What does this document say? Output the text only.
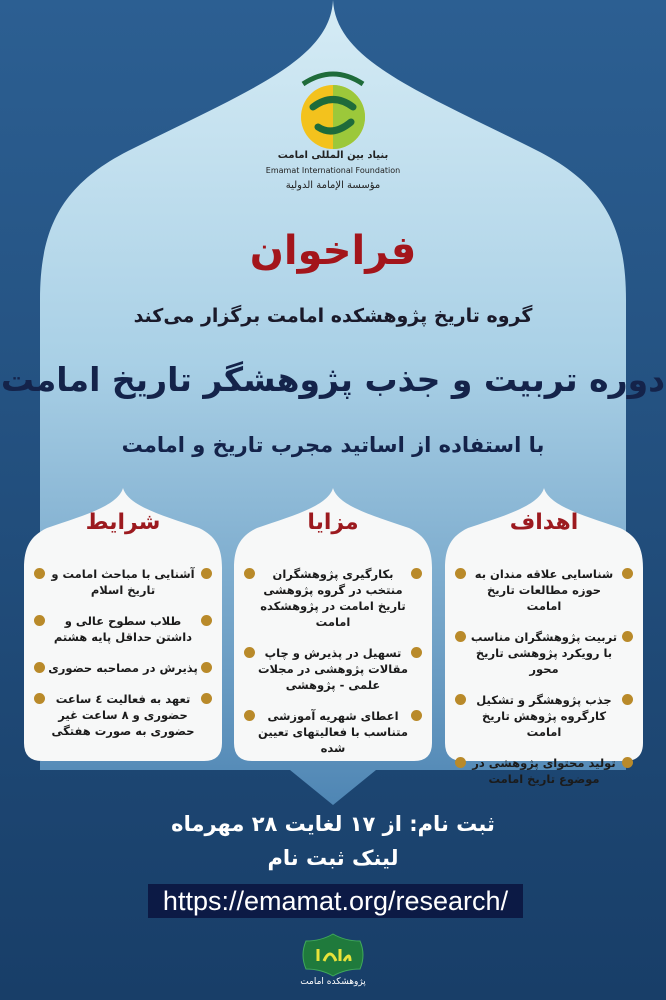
بنیاد بین المللی امامت
Emamat International Foundation
مؤسسة الإمامة الدولية
فراخوان
گروه تاریخ پژوهشکده امامت برگزار می‌کند
دوره تربیت و جذب پژوهشگر تاریخ امامت
با استفاده از اساتید مجرب تاریخ و امامت
اهداف
شناسایی علاقه مندان به حوزه مطالعات تاریخ امامت
تربیت پژوهشگران مناسب با رویکرد پژوهشی تاریخ محور
جذب پژوهشگر و تشکیل کارگروه پژوهش تاریخ امامت
تولید محتوای پژوهشی در موضوع تاریخ امامت
مزایا
بکارگیری پژوهشگران منتخب در گروه پژوهشی تاریخ امامت در پژوهشکده امامت
تسهیل در پذیرش و چاپ مقالات پژوهشی در مجلات علمی - پژوهشی
اعطای شهریه آموزشی متناسب با فعالیتهای تعیین شده
شرایط
آشنایی با مباحث امامت و تاریخ اسلام
طلاب سطوح عالی و داشتن حداقل پایه هشتم
پذیرش در مصاحبه حضوری
تعهد به فعالیت ٤ ساعت حضوری و ٨ ساعت غیر حضوری به صورت هفتگی
ثبت نام: از ١٧ لغایت ٢٨ مهرماه
لینک ثبت نام
https://emamat.org/research/
پژوهشکده امامت
